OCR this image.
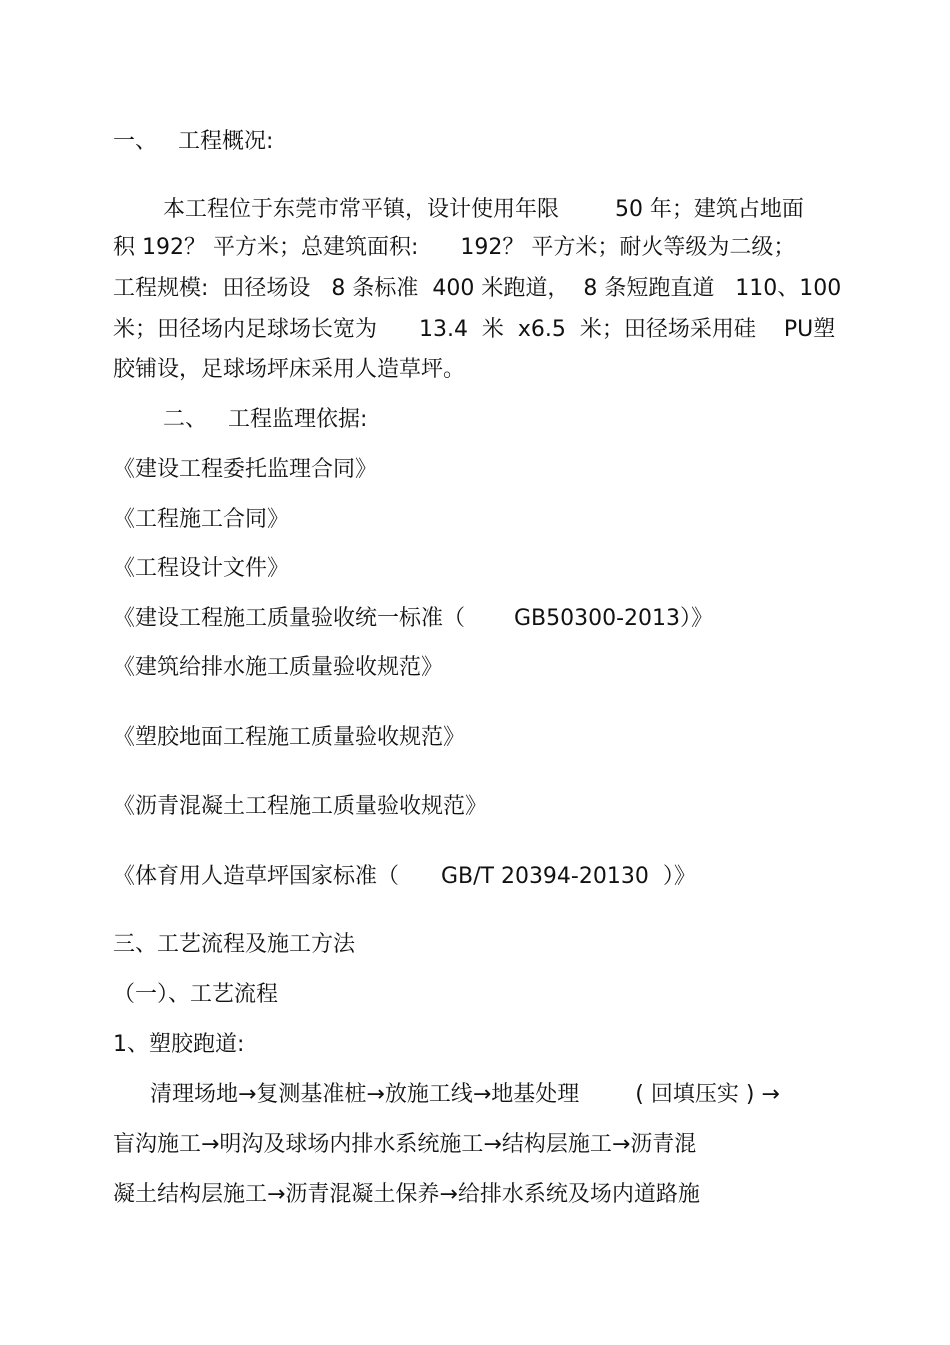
一、   工程概况:
本工程位于东莞市常平镇，设计使用年限        50 年；建筑占地面
积 192？ 平方米；总建筑面积:      192？ 平方米；耐火等级为二级；
工程规模:  田径场设   8 条标准  400 米跑道，  8 条短跑直道   110、100
米；田径场内足球场长宽为      13.4  米  x6.5  米；田径场采用硅    PU塑
胶铺设，足球场坪床采用人造草坪。
二、   工程监理依据:
《建设工程委托监理合同》
《工程施工合同》
《工程设计文件》
《建设工程施工质量验收统一标准（       GB50300-2013）》
《建筑给排水施工质量验收规范》
《塑胶地面工程施工质量验收规范》
《沥青混凝土工程施工质量验收规范》
《体育用人造草坪国家标准（      GB/T 20394-20130  ）》
三、工艺流程及施工方法
（一）、工艺流程
1、塑胶跑道:
清理场地→复测基准桩→放施工线→地基处理        ( 回填压实 ) →
盲沟施工→明沟及球场内排水系统施工→结构层施工→沥青混
凝土结构层施工→沥青混凝土保养→给排水系统及场内道路施
